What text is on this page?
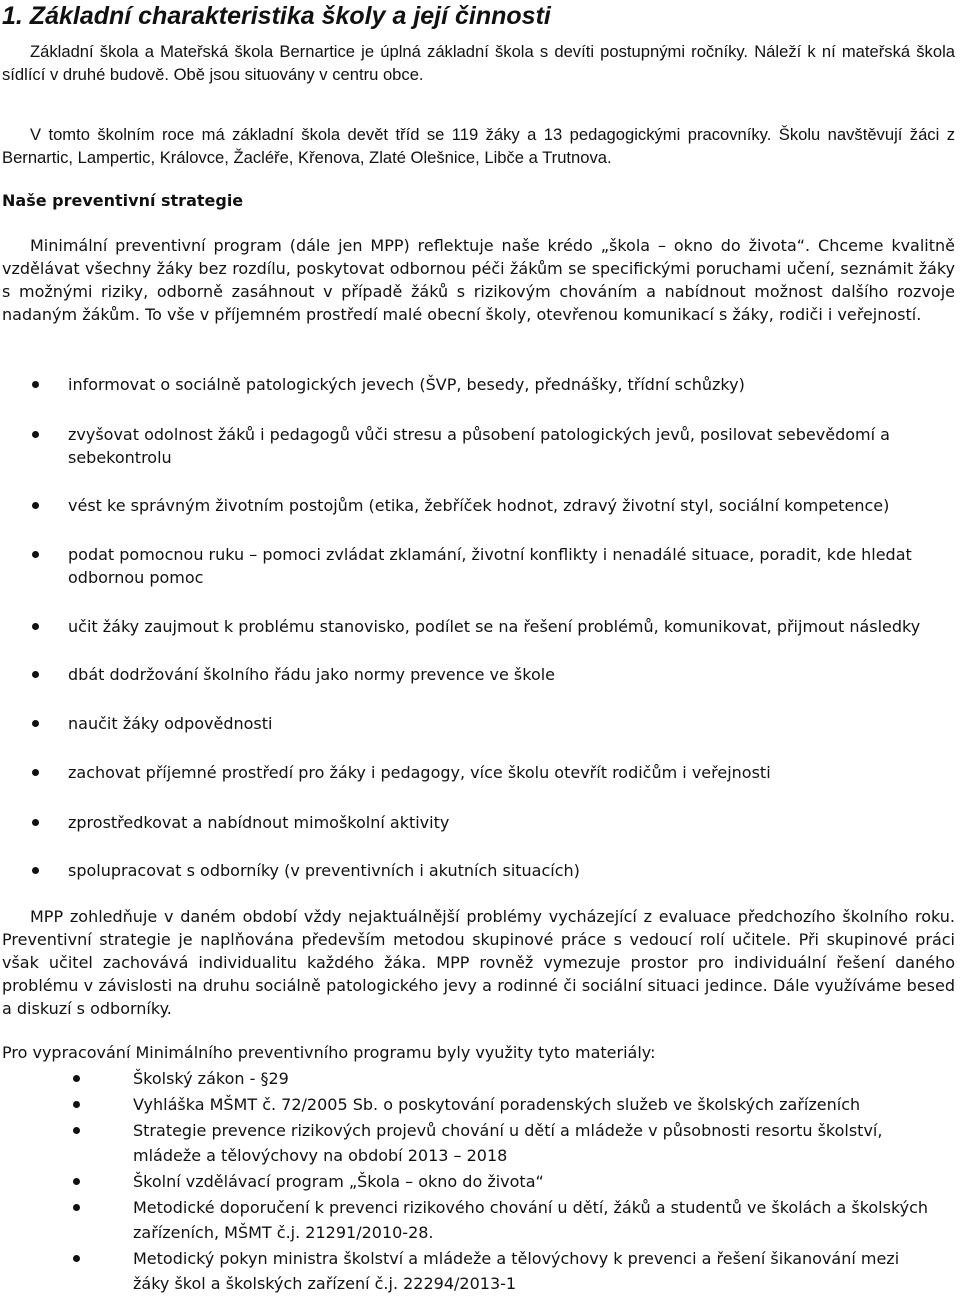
1. Základní charakteristika školy a její činnosti

Základní škola a Mateřská škola Bernartice je úplná základní škola s devíti postupnými ročníky. Náleží k ní mateřská škola sídlící v druhé budově. Obě jsou situovány v centru obce.

V tomto školním roce má základní škola devět tříd se 119 žáky a 13 pedagogickými pracovníky. Školu navštěvují žáci z Bernartic, Lampertic, Královce, Žacléře, Křenova, Zlaté Olešnice, Libče a Trutnova.

Naše preventivní strategie

Minimální preventivní program (dále jen MPP) reflektuje naše krédo „škola – okno do života“. Chceme kvalitně vzdělávat všechny žáky bez rozdílu, poskytovat odbornou péči žákům se specifickými poruchami učení, seznámit žáky s možnými riziky, odborně zasáhnout v případě žáků s rizikovým chováním a nabídnout možnost dalšího rozvoje nadaným žákům. To vše v příjemném prostředí malé obecní školy, otevřenou komunikací s žáky, rodiči i veřejností.

informovat o sociálně patologických jevech (ŠVP, besedy, přednášky, třídní schůzky)
zvyšovat odolnost žáků i pedagogů vůči stresu a působení patologických jevů, posilovat sebevědomí a sebekontrolu
vést ke správným životním postojům (etika, žebříček hodnot, zdravý životní styl, sociální kompetence)
podat pomocnou ruku – pomoci zvládat zklamání, životní konflikty i nenadálé situace, poradit, kde hledat odbornou pomoc
učit žáky zaujmout k problému stanovisko, podílet se na řešení problémů, komunikovat, přijmout následky
dbát dodržování školního řádu jako normy prevence ve škole
naučit žáky odpovědnosti
zachovat příjemné prostředí pro žáky i pedagogy, více školu otevřít rodičům i veřejnosti
zprostředkovat a nabídnout mimoškolní aktivity
spolupracovat s odborníky (v preventivních i akutních situacích)

MPP zohledňuje v daném období vždy nejaktuálnější problémy vycházející z evaluace předchozího školního roku. Preventivní strategie je naplňována především metodou skupinové práce s vedoucí rolí učitele. Při skupinové práci však učitel zachovává individualitu každého žáka. MPP rovněž vymezuje prostor pro individuální řešení daného problému v závislosti na druhu sociálně patologického jevy a rodinné či sociální situaci jedince. Dále využíváme besed a diskuzí s odborníky.

Pro vypracování Minimálního preventivního programu byly využity tyto materiály:

Školský zákon - §29
Vyhláška MŠMT č. 72/2005 Sb. o poskytování poradenských služeb ve školských zařízeních
Strategie prevence rizikových projevů chování u dětí a mládeže v působnosti resortu školství, mládeže a tělovýchovy na období 2013 – 2018
Školní vzdělávací program „Škola – okno do života“
Metodické doporučení k prevenci rizikového chování u dětí, žáků a studentů ve školách a školských zařízeních, MŠMT č.j. 21291/2010-28.
Metodický pokyn ministra školství a mládeže a tělovýchovy k prevenci a řešení šikanování mezi žáky škol a školských zařízení č.j. 22294/2013-1
